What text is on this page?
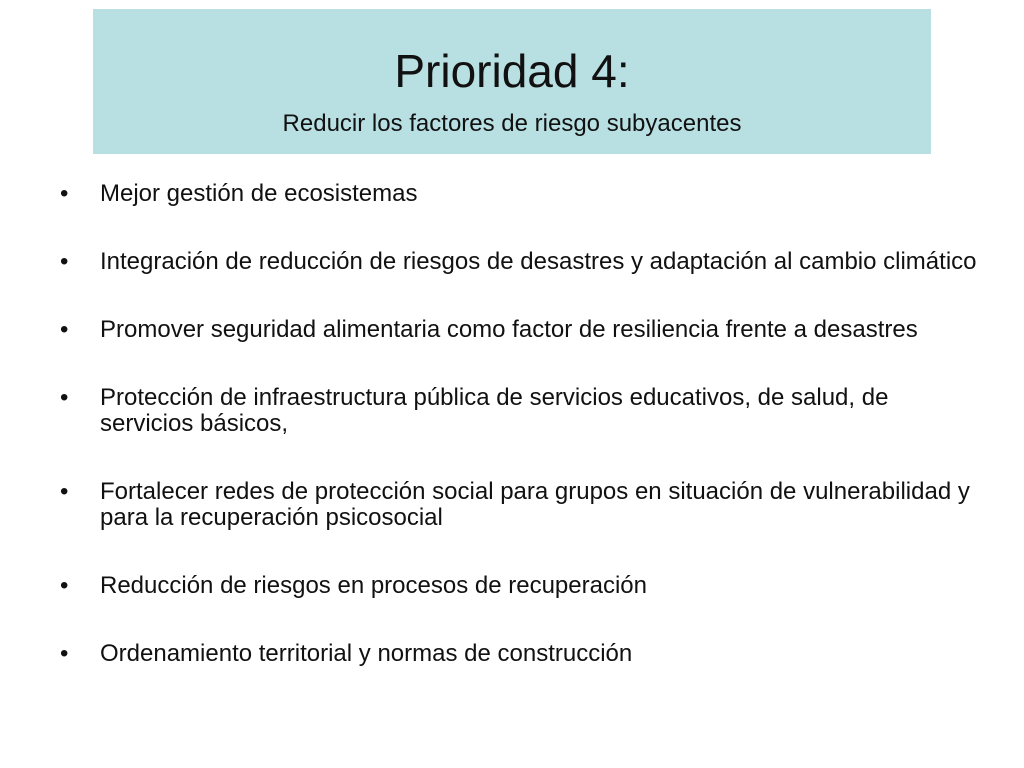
Prioridad 4:
Reducir los factores de riesgo subyacentes
•	Mejor gestión de ecosistemas
•	Integración de reducción de riesgos de desastres y adaptación al cambio climático
•	Promover seguridad alimentaria como factor de resiliencia frente a desastres
•	Protección de infraestructura pública de servicios educativos, de salud, de servicios básicos,
•	Fortalecer redes de protección social para grupos en situación de vulnerabilidad y para la recuperación psicosocial
•	Reducción de riesgos en procesos de recuperación
•	Ordenamiento territorial y normas de construcción
